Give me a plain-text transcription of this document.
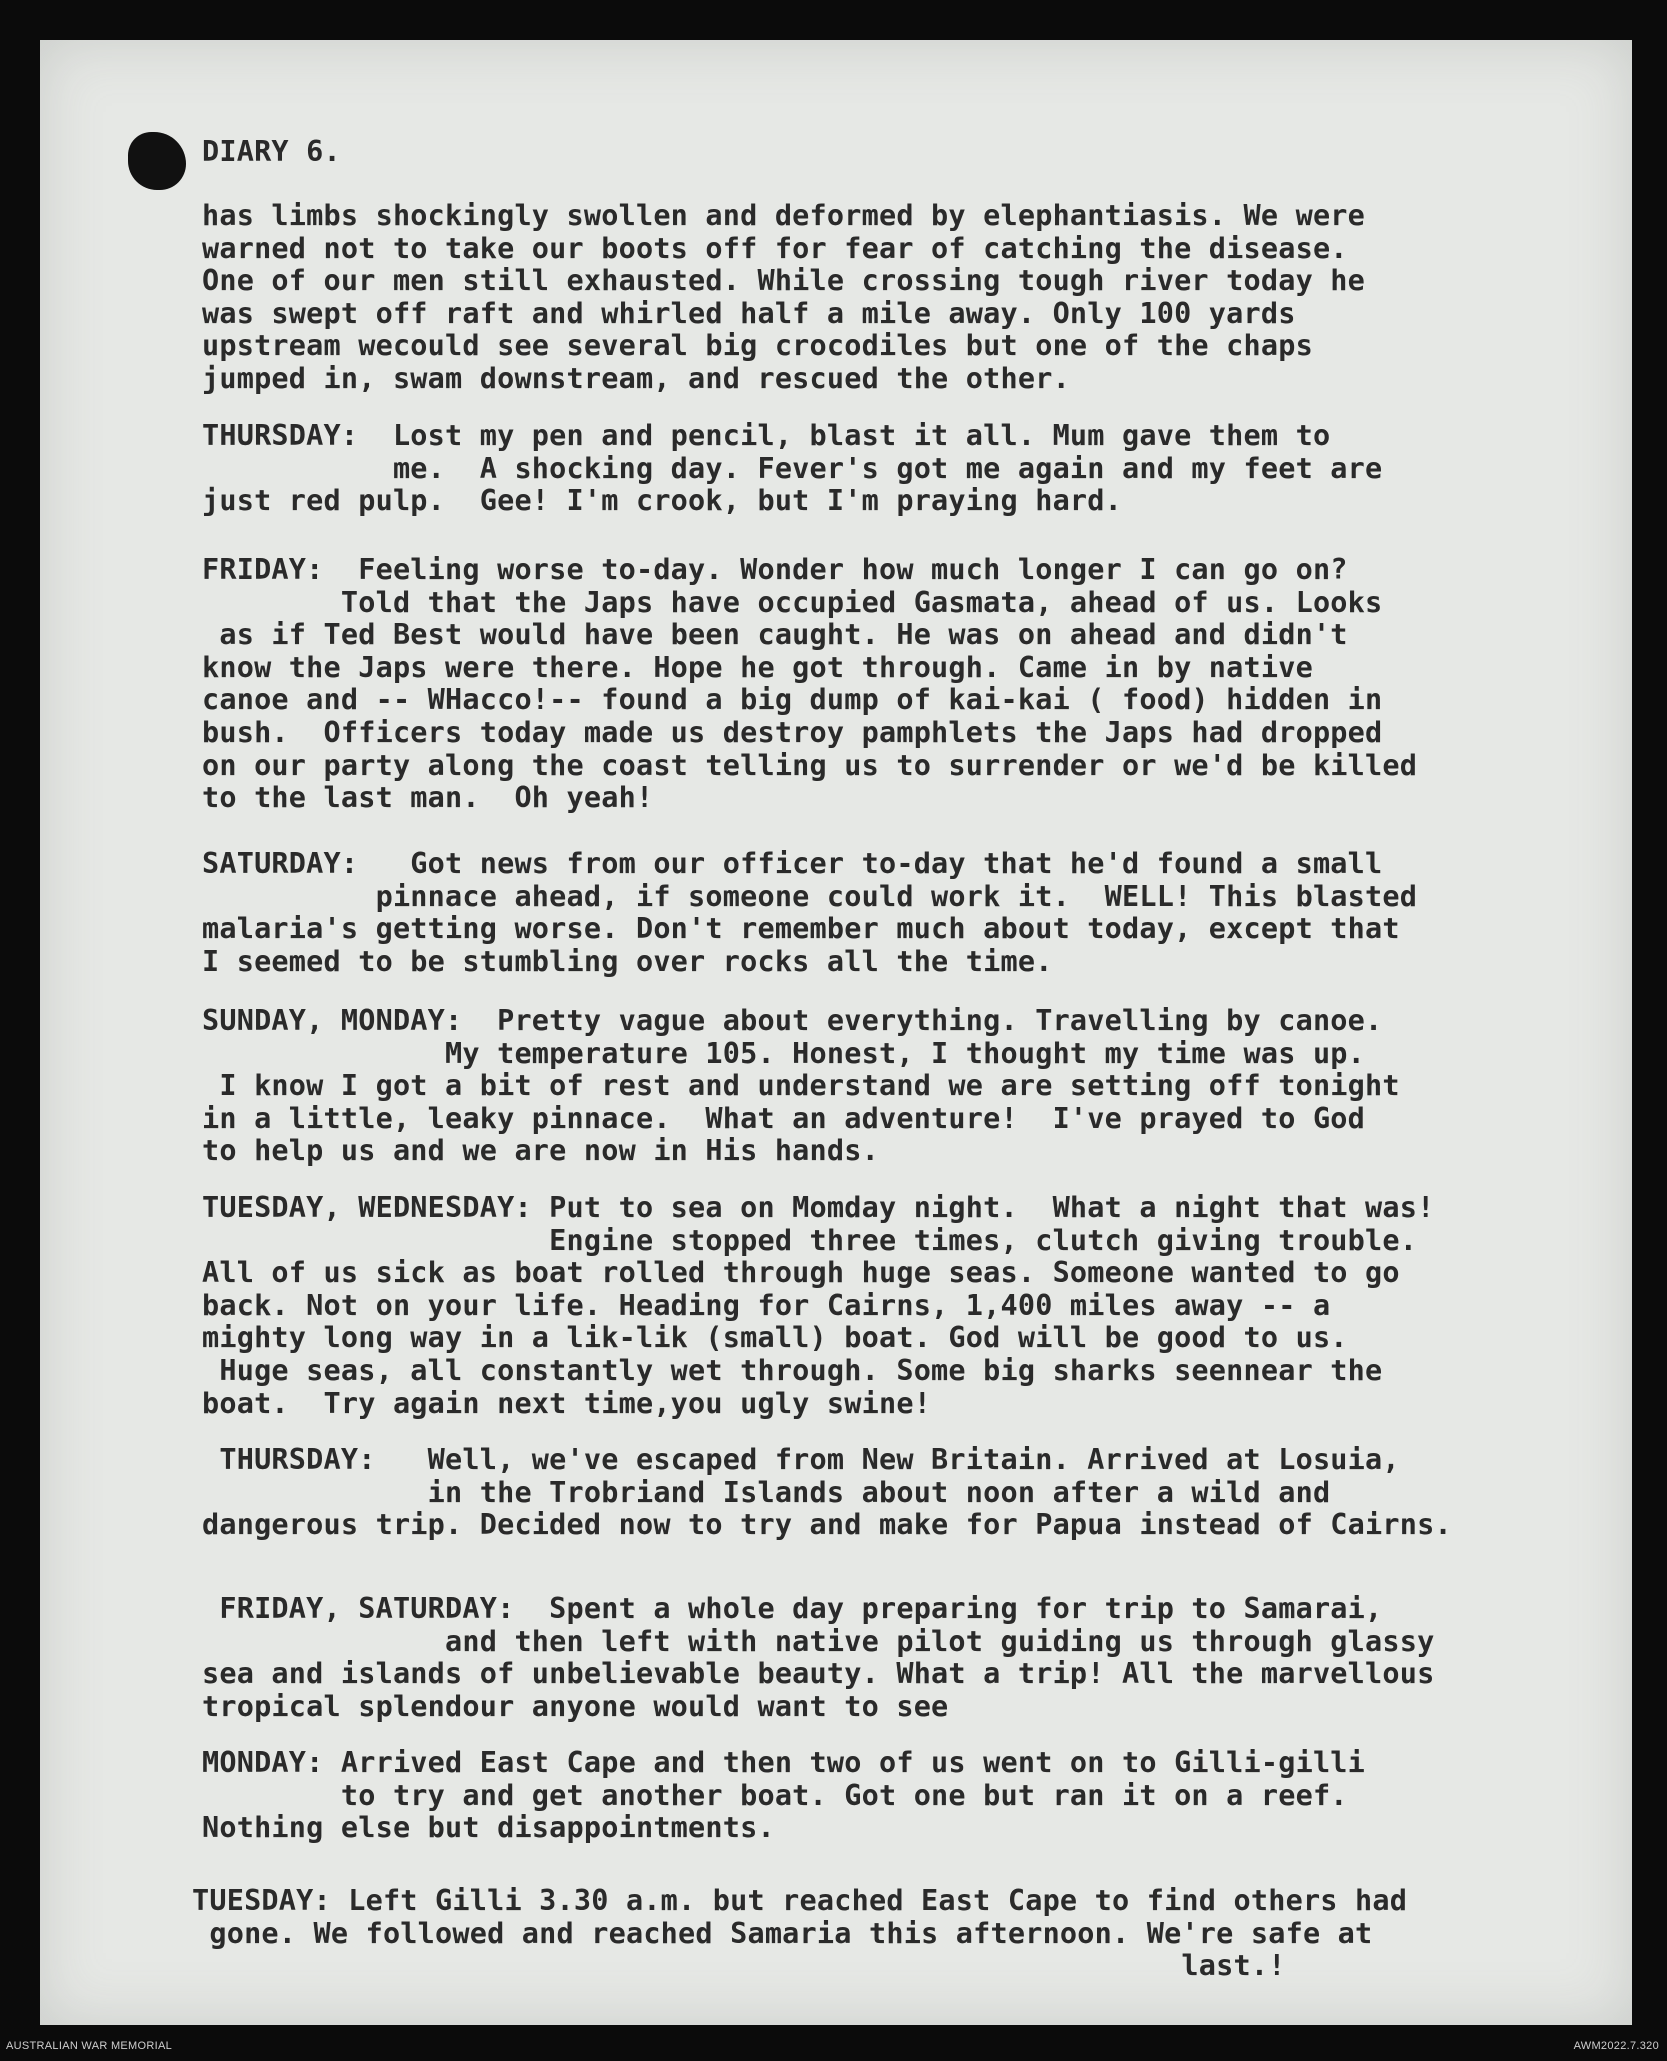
DIARY 6.
has limbs shockingly swollen and deformed by elephantiasis. We were
warned not to take our boots off for fear of catching the disease.
One of our men still exhausted. While crossing tough river today he
was swept off raft and whirled half a mile away. Only 100 yards
upstream wecould see several big crocodiles but one of the chaps
jumped in, swam downstream, and rescued the other.
THURSDAY:  Lost my pen and pencil, blast it all. Mum gave them to
me.  A shocking day. Fever's got me again and my feet are
just red pulp.  Gee! I'm crook, but I'm praying hard.
FRIDAY:  Feeling worse to-day. Wonder how much longer I can go on?
Told that the Japs have occupied Gasmata, ahead of us. Looks
as if Ted Best would have been caught. He was on ahead and didn't
know the Japs were there. Hope he got through. Came in by native
canoe and -- WHacco!-- found a big dump of kai-kai ( food) hidden in
bush.  Officers today made us destroy pamphlets the Japs had dropped
on our party along the coast telling us to surrender or we'd be killed
to the last man.  Oh yeah!
SATURDAY:   Got news from our officer to-day that he'd found a small
pinnace ahead, if someone could work it.  WELL! This blasted
malaria's getting worse. Don't remember much about today, except that
I seemed to be stumbling over rocks all the time.
SUNDAY, MONDAY:  Pretty vague about everything. Travelling by canoe.
My temperature 105. Honest, I thought my time was up.
I know I got a bit of rest and understand we are setting off tonight
in a little, leaky pinnace.  What an adventure!  I've prayed to God
to help us and we are now in His hands.
TUESDAY, WEDNESDAY: Put to sea on Momday night.  What a night that was!
Engine stopped three times, clutch giving trouble.
All of us sick as boat rolled through huge seas. Someone wanted to go
back. Not on your life. Heading for Cairns, 1,400 miles away -- a
mighty long way in a lik-lik (small) boat. God will be good to us.
Huge seas, all constantly wet through. Some big sharks seennear the
boat.  Try again next time,you ugly swine!
THURSDAY:   Well, we've escaped from New Britain. Arrived at Losuia,
in the Trobriand Islands about noon after a wild and
dangerous trip. Decided now to try and make for Papua instead of Cairns.
FRIDAY, SATURDAY:  Spent a whole day preparing for trip to Samarai,
and then left with native pilot guiding us through glassy
sea and islands of unbelievable beauty. What a trip! All the marvellous
tropical splendour anyone would want to see
MONDAY: Arrived East Cape and then two of us went on to Gilli-gilli
to try and get another boat. Got one but ran it on a reef.
Nothing else but disappointments.
TUESDAY: Left Gilli 3.30 a.m. but reached East Cape to find others had
gone. We followed and reached Samaria this afternoon. We're safe at
last.!
AUSTRALIAN WAR MEMORIAL	AWM2022.7.320
